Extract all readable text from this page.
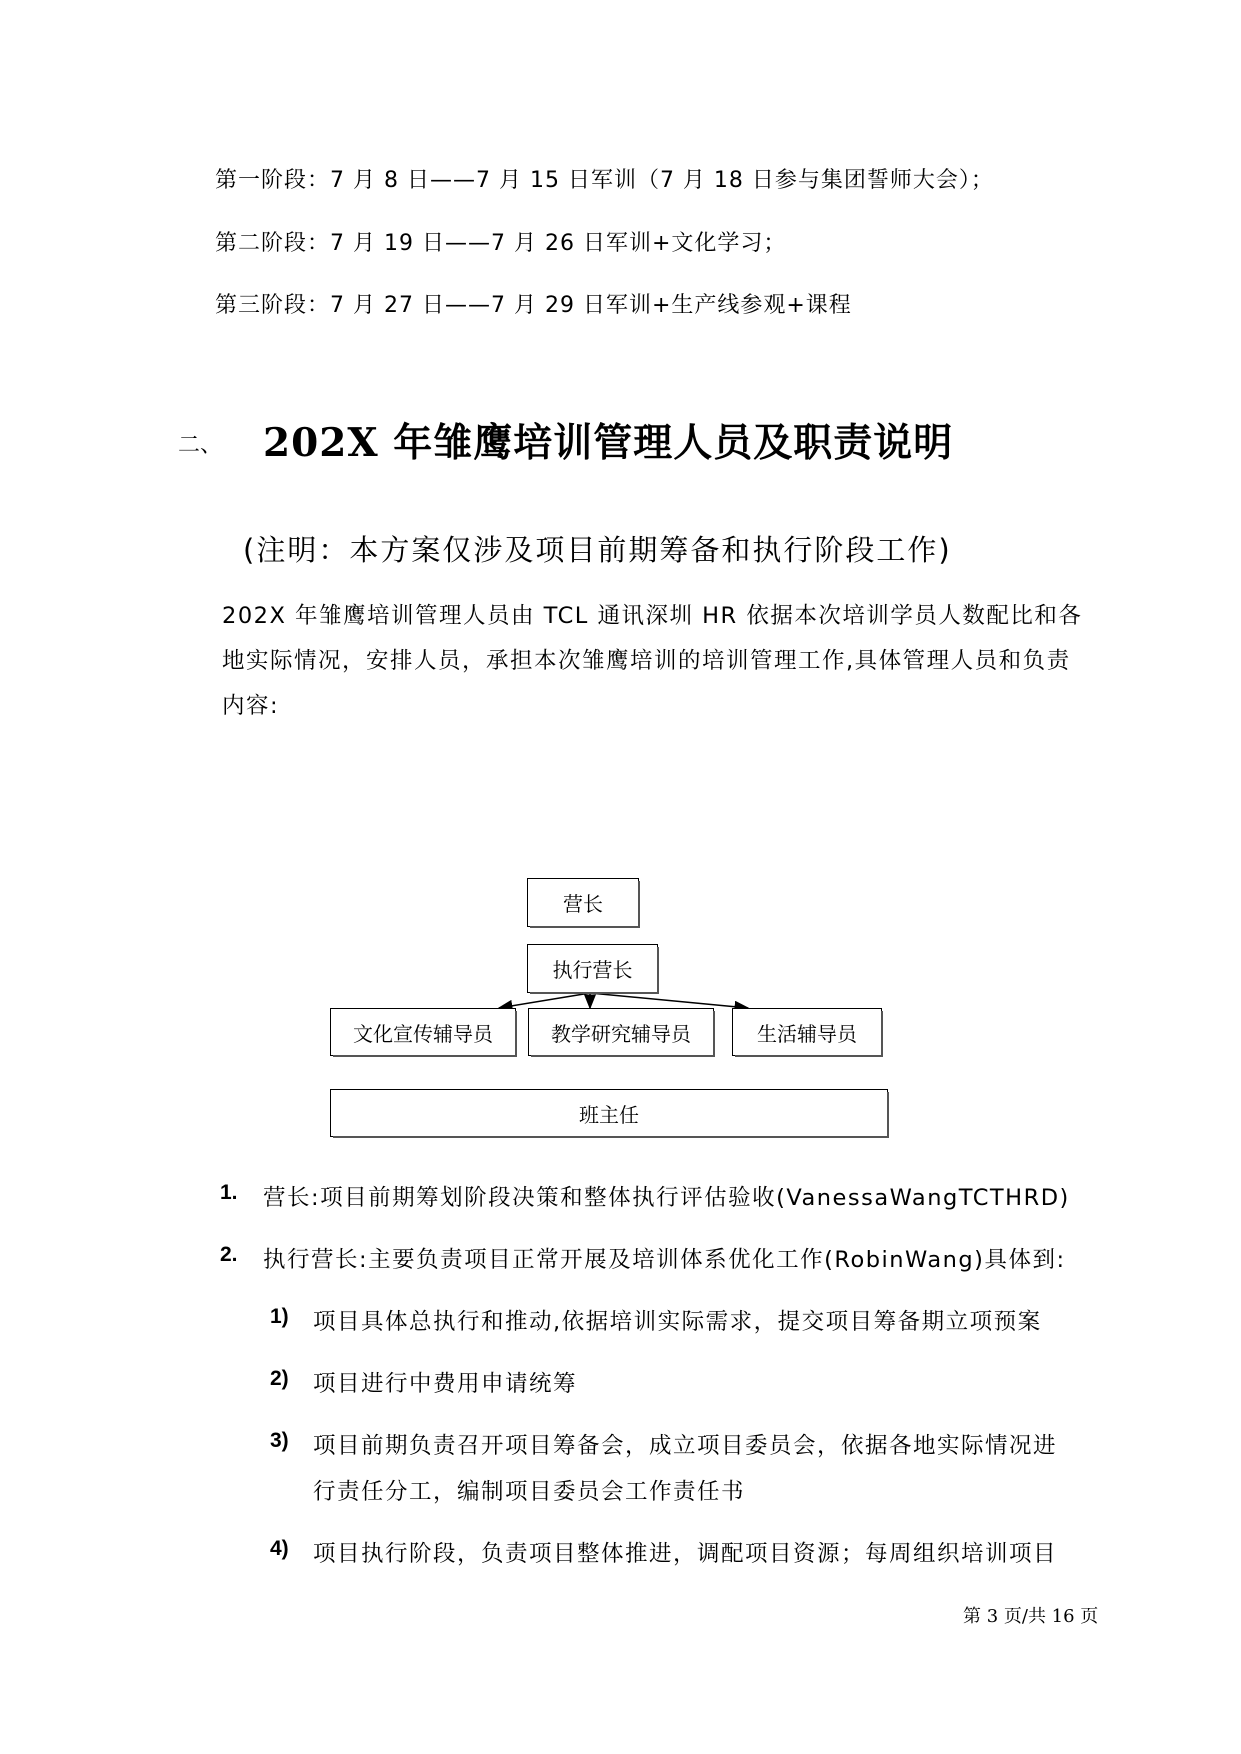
第一阶段：7 月 8 日——7 月 15 日军训（7 月 18 日参与集团誓师大会）；
第二阶段：7 月 19 日——7 月 26 日军训+文化学习；
第三阶段：7 月 27 日——7 月 29 日军训+生产线参观+课程
二、 202X 年雏鹰培训管理人员及职责说明
(注明：本方案仅涉及项目前期筹备和执行阶段工作)
202X 年雏鹰培训管理人员由 TCL 通讯深圳 HR 依据本次培训学员人数配比和各
地实际情况，安排人员，承担本次雏鹰培训的培训管理工作,具体管理人员和负责
内容:
营长
执行营长
文化宣传辅导员	教学研究辅导员	生活辅导员
班主任
1. 营长:项目前期筹划阶段决策和整体执行评估验收(VanessaWangTCTHRD)
2. 执行营长:主要负责项目正常开展及培训体系优化工作(RobinWang)具体到:
1) 项目具体总执行和推动,依据培训实际需求，提交项目筹备期立项预案
2) 项目进行中费用申请统筹
3) 项目前期负责召开项目筹备会，成立项目委员会，依据各地实际情况进
行责任分工，编制项目委员会工作责任书
4) 项目执行阶段，负责项目整体推进，调配项目资源；每周组织培训项目
第 3 页/共 16 页
